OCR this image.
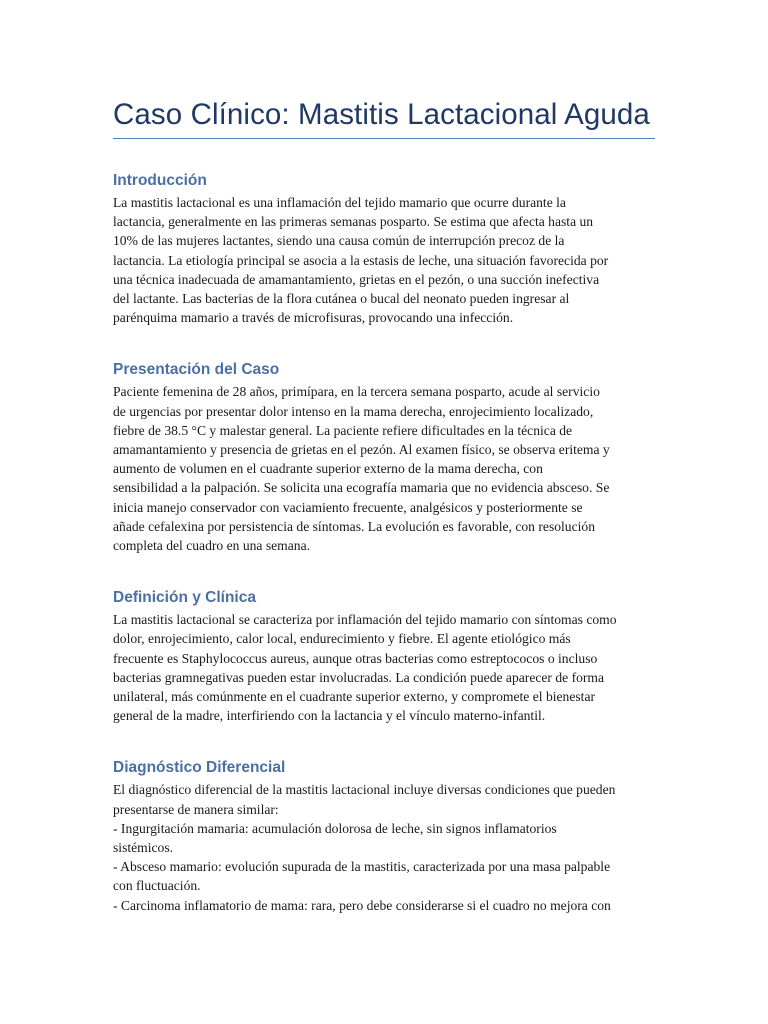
Caso Clínico: Mastitis Lactacional Aguda
Introducción

La mastitis lactacional es una inflamación del tejido mamario que ocurre durante la
lactancia, generalmente en las primeras semanas posparto. Se estima que afecta hasta un
10% de las mujeres lactantes, siendo una causa común de interrupción precoz de la
lactancia. La etiología principal se asocia a la estasis de leche, una situación favorecida por
una técnica inadecuada de amamantamiento, grietas en el pezón, o una succión inefectiva
del lactante. Las bacterias de la flora cutánea o bucal del neonato pueden ingresar al
parénquima mamario a través de microfisuras, provocando una infección.

Presentación del Caso

Paciente femenina de 28 años, primípara, en la tercera semana posparto, acude al servicio
de urgencias por presentar dolor intenso en la mama derecha, enrojecimiento localizado,
fiebre de 38.5 °C y malestar general. La paciente refiere dificultades en la técnica de
amamantamiento y presencia de grietas en el pezón. Al examen físico, se observa eritema y
aumento de volumen en el cuadrante superior externo de la mama derecha, con
sensibilidad a la palpación. Se solicita una ecografía mamaria que no evidencia absceso. Se
inicia manejo conservador con vaciamiento frecuente, analgésicos y posteriormente se
añade cefalexina por persistencia de síntomas. La evolución es favorable, con resolución
completa del cuadro en una semana.

Definición y Clínica

La mastitis lactacional se caracteriza por inflamación del tejido mamario con síntomas como
dolor, enrojecimiento, calor local, endurecimiento y fiebre. El agente etiológico más
frecuente es Staphylococcus aureus, aunque otras bacterias como estreptococos o incluso
bacterias gramnegativas pueden estar involucradas. La condición puede aparecer de forma
unilateral, más comúnmente en el cuadrante superior externo, y compromete el bienestar
general de la madre, interfiriendo con la lactancia y el vínculo materno-infantil.

Diagnóstico Diferencial

El diagnóstico diferencial de la mastitis lactacional incluye diversas condiciones que pueden
presentarse de manera similar:
- Ingurgitación mamaria: acumulación dolorosa de leche, sin signos inflamatorios
sistémicos.
- Absceso mamario: evolución supurada de la mastitis, caracterizada por una masa palpable
con fluctuación.
- Carcinoma inflamatorio de mama: rara, pero debe considerarse si el cuadro no mejora con
